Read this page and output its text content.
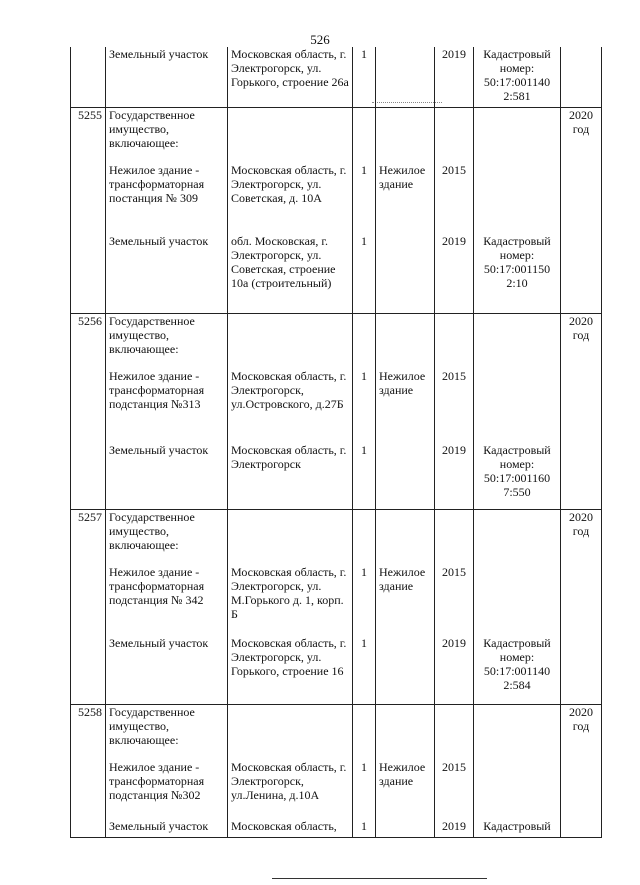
526
	Земельный участок	Московская область, г. Электрогорск, ул. Горького, строение 26а	1		2019	Кадастровый номер: 50:17:001140 2:581	
5255	Государственное имущество, включающее:						2020 год
	Нежилое здание - трансформаторная постанция № 309	Московская область, г. Электрогорск, ул. Советская, д. 10А	1	Нежилое здание	2015		
	Земельный участок	обл. Московская, г. Электрогорск, ул. Советская, строение 10а (строительный)	1		2019	Кадастровый номер: 50:17:001150 2:10	
5256	Государственное имущество, включающее:						2020 год
	Нежилое здание - трансформаторная подстанция №313	Московская область, г. Электрогорск, ул.Островского, д.27Б	1	Нежилое здание	2015		
	Земельный участок	Московская область, г. Электрогорск	1		2019	Кадастровый номер: 50:17:001160 7:550	
5257	Государственное имущество, включающее:						2020 год
	Нежилое здание - трансформаторная подстанция № 342	Московская область, г. Электрогорск, ул. М.Горького д. 1, корп. Б	1	Нежилое здание	2015		
	Земельный участок	Московская область, г. Электрогорск, ул. Горького, строение 16	1		2019	Кадастровый номер: 50:17:001140 2:584	
5258	Государственное имущество, включающее:						2020 год
	Нежилое здание - трансформаторная подстанция №302	Московская область, г. Электрогорск, ул.Ленина, д.10А	1	Нежилое здание	2015		
	Земельный участок	Московская область,	1		2019	Кадастровый	
